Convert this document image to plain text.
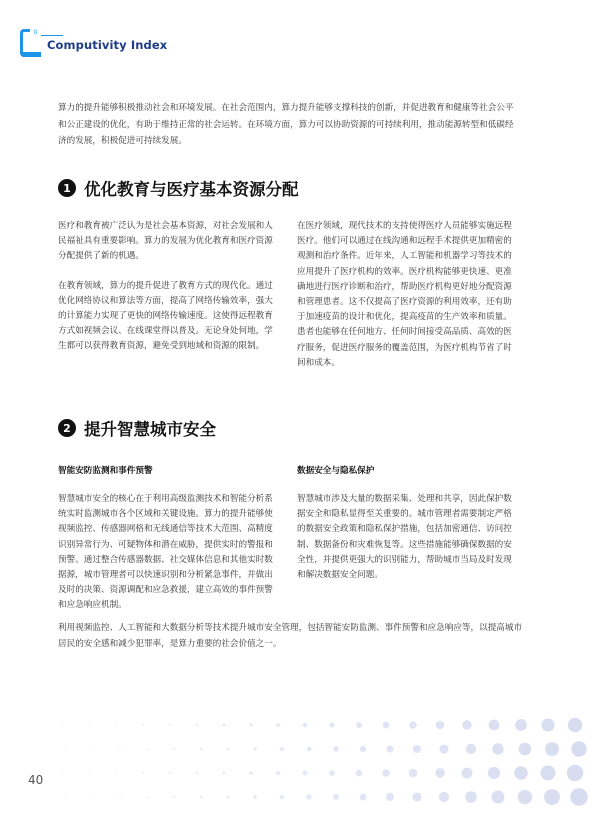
算
Computivity Index
算力的提升能够积极推动社会和环境发展。在社会范围内，算力提升能够支撑科技的创新，并促进教育和健康等社会公平和公正建设的优化，有助于维持正常的社会运转。在环境方面，算力可以协助资源的可持续利用，推动能源转型和低碳经济的发展，积极促进可持续发展。
1 优化教育与医疗基本资源分配

医疗和教育被广泛认为是社会基本资源，对社会发展和人民福祉具有重要影响。算力的发展为优化教育和医疗资源分配提供了新的机遇。

在教育领域，算力的提升促进了教育方式的现代化。通过优化网络协议和算法等方面，提高了网络传输效率，强大的计算能力实现了更快的网络传输速度。这使得远程教育方式如视频会议、在线课堂得以普及。无论身处何地，学生都可以获得教育资源，避免受到地域和资源的限制。

在医疗领域，现代技术的支持使得医疗人员能够实施远程医疗。他们可以通过在线沟通和远程手术提供更加精密的观测和治疗条件。近年来，人工智能和机器学习等技术的应用提升了医疗机构的效率。医疗机构能够更快速、更准确地进行医疗诊断和治疗，帮助医疗机构更好地分配资源和管理患者。这不仅提高了医疗资源的利用效率，还有助于加速疫苗的设计和优化，提高疫苗的生产效率和质量。患者也能够在任何地方、任何时间接受高品质、高效的医疗服务，促进医疗服务的覆盖范围，为医疗机构节省了时间和成本。

2 提升智慧城市安全
智能安防监测和事件预警	数据安全与隐私保护

智慧城市安全的核心在于利用高级监测技术和智能分析系统实时监测城市各个区域和关键设施。算力的提升能够使视频监控、传感器网格和无线通信等技术大范围、高精度识别异常行为、可疑物体和潜在威胁，提供实时的警报和预警。通过整合传感器数据、社交媒体信息和其他实时数据源，城市管理者可以快速识别和分析紧急事件，并做出及时的决策、资源调配和应急救援，建立高效的事件预警和应急响应机制。

智慧城市涉及大量的数据采集、处理和共享，因此保护数据安全和隐私显得至关重要的。城市管理者需要制定严格的数据安全政策和隐私保护措施，包括加密通信、访问控制、数据备份和灾难恢复等。这些措施能够确保数据的安全性，并提供更强大的识别能力，帮助城市当局及时发现和解决数据安全问题。

利用视频监控、人工智能和大数据分析等技术提升城市安全管理，包括智能安防监测、事件预警和应急响应等，以提高城市居民的安全感和减少犯罪率，是算力重要的社会价值之一。
40
